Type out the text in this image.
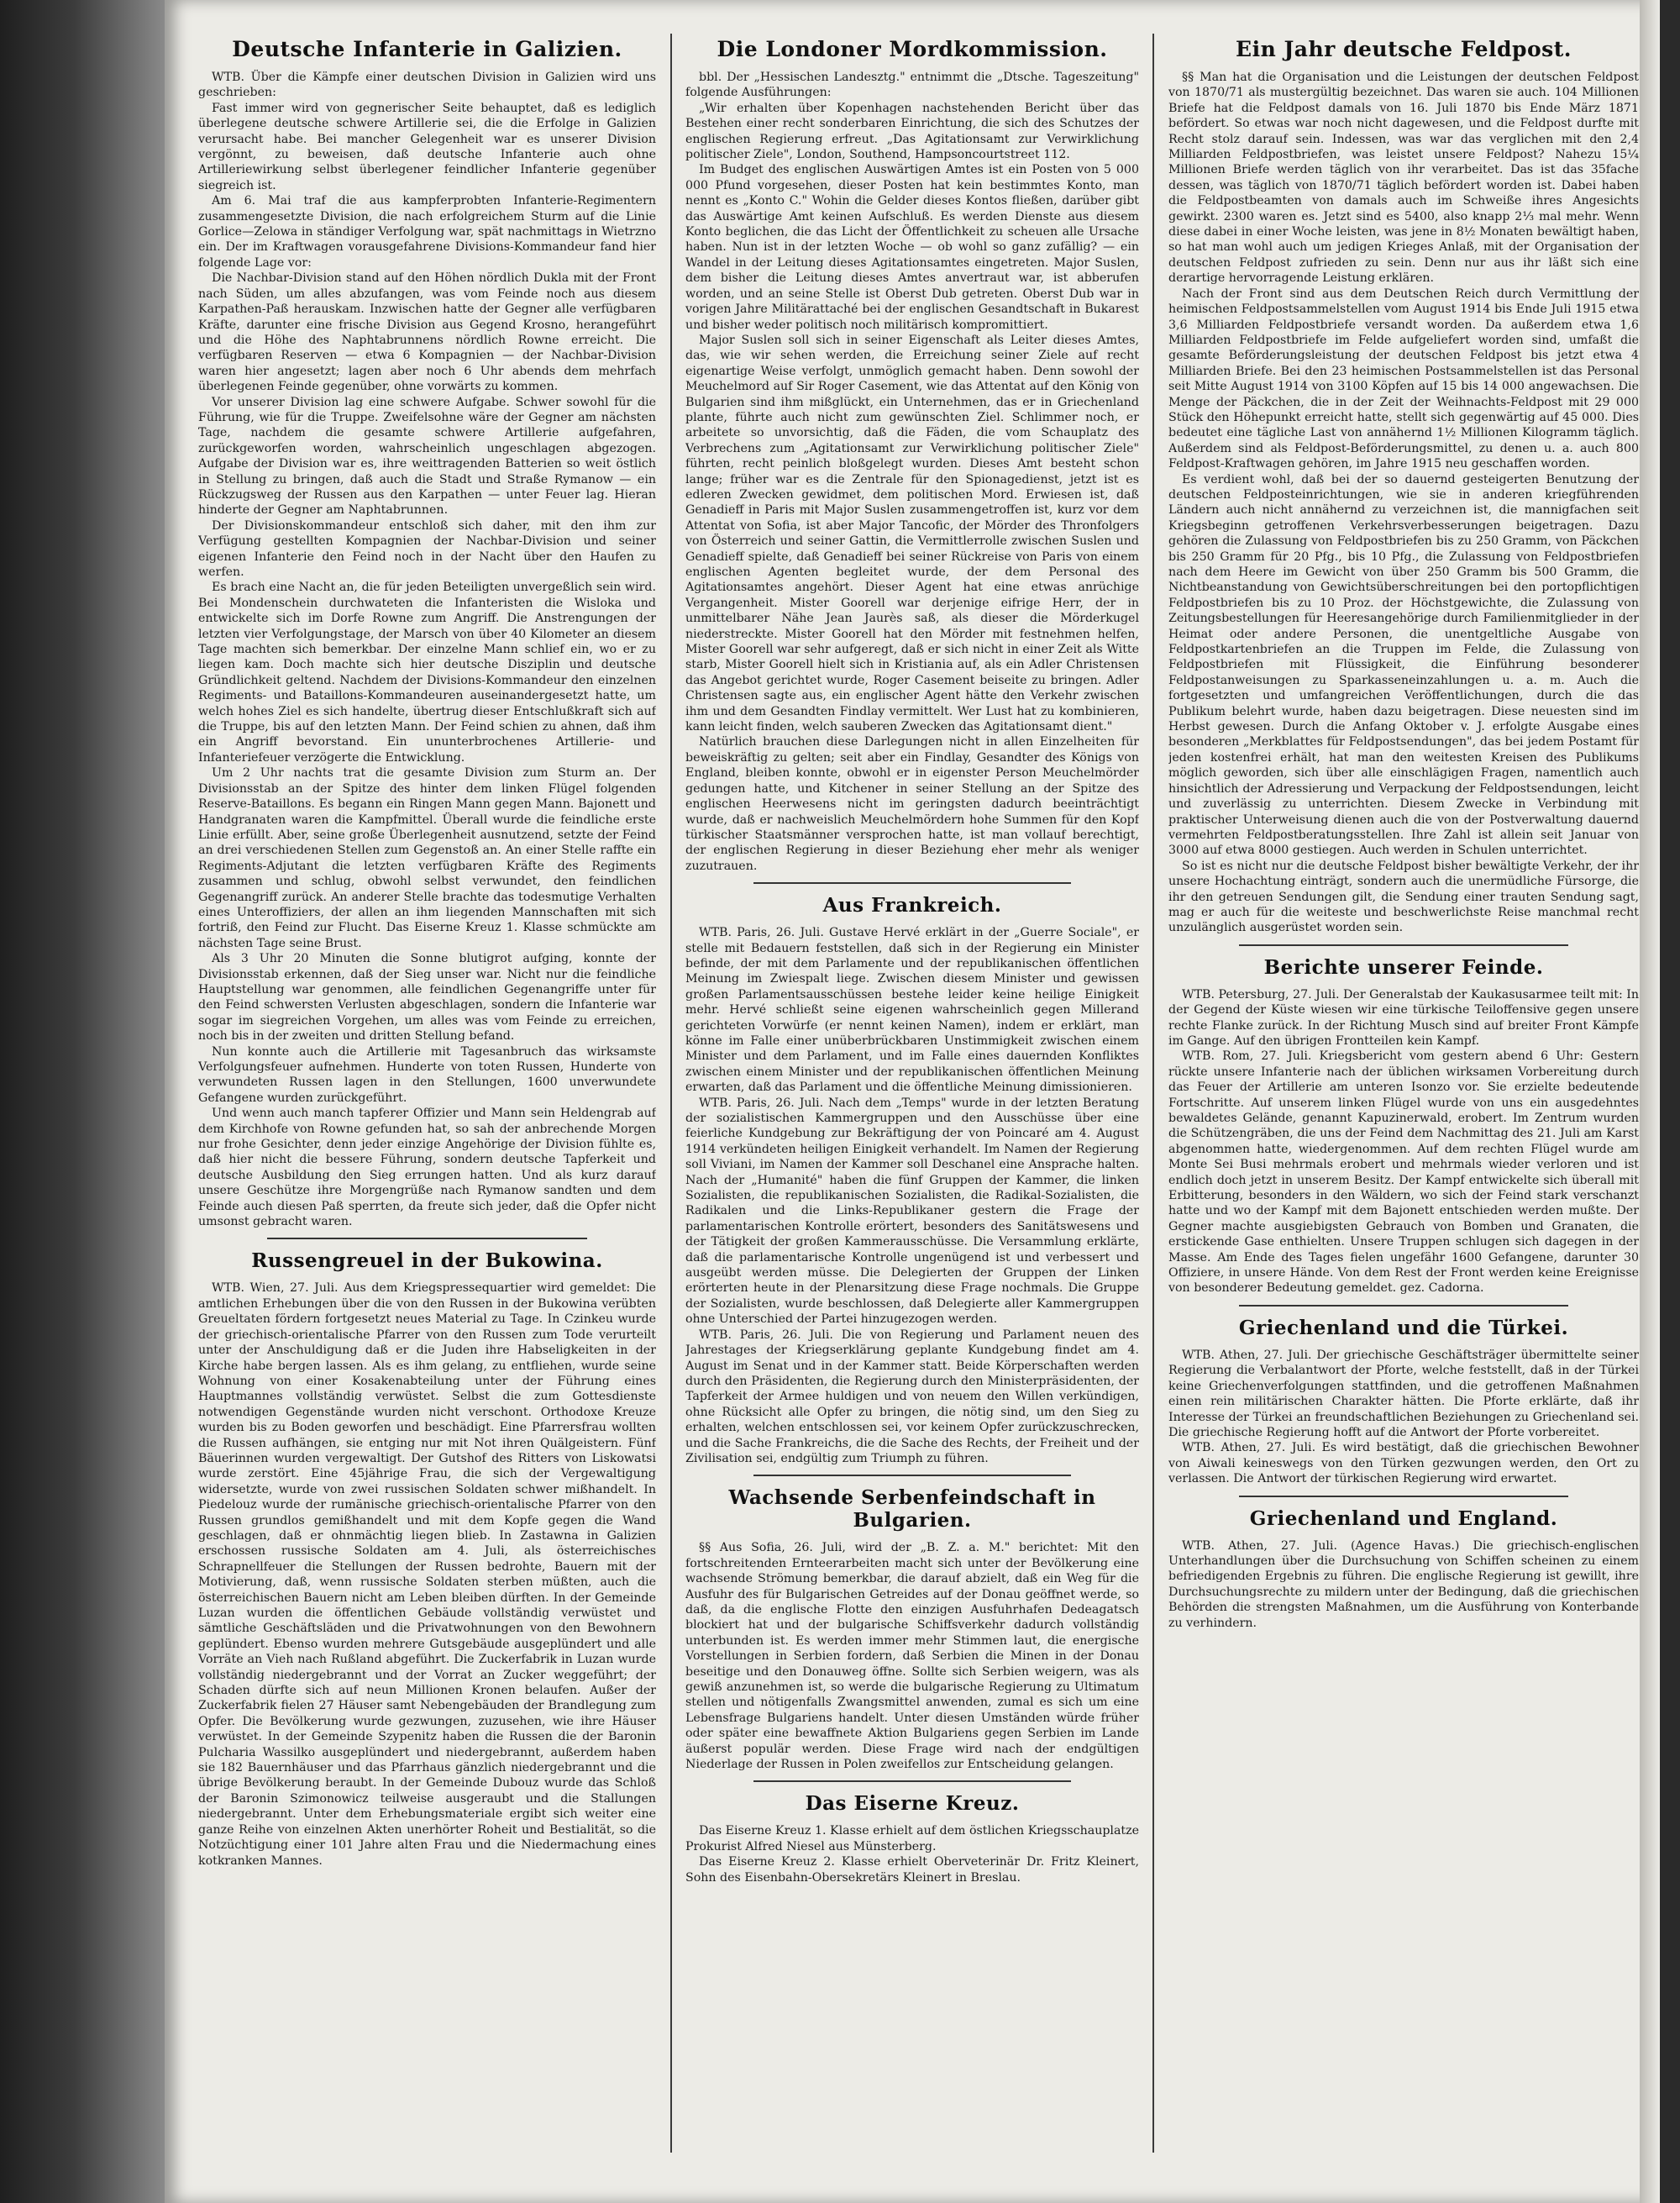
Deutsche Infanterie in Galizien.

WTB. Über die Kämpfe einer deutschen Division in Galizien wird uns geschrieben:

Fast immer wird von gegnerischer Seite behauptet, daß es lediglich überlegene deutsche schwere Artillerie sei, die die Erfolge in Galizien verursacht habe. Bei mancher Gelegenheit war es unserer Division vergönnt, zu beweisen, daß deutsche Infanterie auch ohne Artilleriewirkung selbst überlegener feindlicher Infanterie gegenüber siegreich ist.

Am 6. Mai traf die aus kampferprobten Infanterie-Regimentern zusammengesetzte Division, die nach erfolgreichem Sturm auf die Linie Gorlice—Zelowa in ständiger Verfolgung war, spät nachmittags in Wietrzno ein. Der im Kraftwagen vorausgefahrene Divisions-Kommandeur fand hier folgende Lage vor:

Die Nachbar-Division stand auf den Höhen nördlich Dukla mit der Front nach Süden, um alles abzufangen, was vom Feinde noch aus diesem Karpathen-Paß herauskam. Inzwischen hatte der Gegner alle verfügbaren Kräfte, darunter eine frische Division aus Gegend Krosno, herangeführt und die Höhe des Naphtabrunnens nördlich Rowne erreicht. Die verfügbaren Reserven — etwa 6 Kompagnien — der Nachbar-Division waren hier angesetzt; lagen aber noch 6 Uhr abends dem mehrfach überlegenen Feinde gegenüber, ohne vorwärts zu kommen.

Vor unserer Division lag eine schwere Aufgabe. Schwer sowohl für die Führung, wie für die Truppe. Zweifelsohne wäre der Gegner am nächsten Tage, nachdem die gesamte schwere Artillerie aufgefahren, zurückgeworfen worden, wahrscheinlich ungeschlagen abgezogen. Aufgabe der Division war es, ihre weittragenden Batterien so weit östlich in Stellung zu bringen, daß auch die Stadt und Straße Rymanow — ein Rückzugsweg der Russen aus den Karpathen — unter Feuer lag. Hieran hinderte der Gegner am Naphtabrunnen.

Der Divisionskommandeur entschloß sich daher, mit den ihm zur Verfügung gestellten Kompagnien der Nachbar-Division und seiner eigenen Infanterie den Feind noch in der Nacht über den Haufen zu werfen.

Es brach eine Nacht an, die für jeden Beteiligten unvergeßlich sein wird. Bei Mondenschein durchwateten die Infanteristen die Wisloka und entwickelte sich im Dorfe Rowne zum Angriff. Die Anstrengungen der letzten vier Verfolgungstage, der Marsch von über 40 Kilometer an diesem Tage machten sich bemerkbar. Der einzelne Mann schlief ein, wo er zu liegen kam. Doch machte sich hier deutsche Disziplin und deutsche Gründlichkeit geltend. Nachdem der Divisions-Kommandeur den einzelnen Regiments- und Bataillons-Kommandeuren auseinandergesetzt hatte, um welch hohes Ziel es sich handelte, übertrug dieser Entschlußkraft sich auf die Truppe, bis auf den letzten Mann. Der Feind schien zu ahnen, daß ihm ein Angriff bevorstand. Ein ununterbrochenes Artillerie- und Infanteriefeuer verzögerte die Entwicklung.

Um 2 Uhr nachts trat die gesamte Division zum Sturm an. Der Divisionsstab an der Spitze des hinter dem linken Flügel folgenden Reserve-Bataillons. Es begann ein Ringen Mann gegen Mann. Bajonett und Handgranaten waren die Kampfmittel. Überall wurde die feindliche erste Linie erfüllt. Aber, seine große Überlegenheit ausnutzend, setzte der Feind an drei verschiedenen Stellen zum Gegenstoß an. An einer Stelle raffte ein Regiments-Adjutant die letzten verfügbaren Kräfte des Regiments zusammen und schlug, obwohl selbst verwundet, den feindlichen Gegenangriff zurück. An anderer Stelle brachte das todesmutige Verhalten eines Unteroffiziers, der allen an ihm liegenden Mannschaften mit sich fortriß, den Feind zur Flucht. Das Eiserne Kreuz 1. Klasse schmückte am nächsten Tage seine Brust.

Als 3 Uhr 20 Minuten die Sonne blutigrot aufging, konnte der Divisionsstab erkennen, daß der Sieg unser war. Nicht nur die feindliche Hauptstellung war genommen, alle feindlichen Gegenangriffe unter für den Feind schwersten Verlusten abgeschlagen, sondern die Infanterie war sogar im siegreichen Vorgehen, um alles was vom Feinde zu erreichen, noch bis in der zweiten und dritten Stellung befand.

Nun konnte auch die Artillerie mit Tagesanbruch das wirksamste Verfolgungsfeuer aufnehmen. Hunderte von toten Russen, Hunderte von verwundeten Russen lagen in den Stellungen, 1600 unverwundete Gefangene wurden zurückgeführt.

Und wenn auch manch tapferer Offizier und Mann sein Heldengrab auf dem Kirchhofe von Rowne gefunden hat, so sah der anbrechende Morgen nur frohe Gesichter, denn jeder einzige Angehörige der Division fühlte es, daß hier nicht die bessere Führung, sondern deutsche Tapferkeit und deutsche Ausbildung den Sieg errungen hatten. Und als kurz darauf unsere Geschütze ihre Morgengrüße nach Rymanow sandten und dem Feinde auch diesen Paß sperrten, da freute sich jeder, daß die Opfer nicht umsonst gebracht waren.

Russengreuel in der Bukowina.

WTB. Wien, 27. Juli. Aus dem Kriegspressequartier wird gemeldet: Die amtlichen Erhebungen über die von den Russen in der Bukowina verübten Greueltaten fördern fortgesetzt neues Material zu Tage. In Czinkeu wurde der griechisch-orientalische Pfarrer von den Russen zum Tode verurteilt unter der Anschuldigung daß er die Juden ihre Habseligkeiten in der Kirche habe bergen lassen. Als es ihm gelang, zu entfliehen, wurde seine Wohnung von einer Kosakenabteilung unter der Führung eines Hauptmannes vollständig verwüstet. Selbst die zum Gottesdienste notwendigen Gegenstände wurden nicht verschont. Orthodoxe Kreuze wurden bis zu Boden geworfen und beschädigt. Eine Pfarrersfrau wollten die Russen aufhängen, sie entging nur mit Not ihren Quälgeistern. Fünf Bäuerinnen wurden vergewaltigt. Der Gutshof des Ritters von Liskowatsi wurde zerstört. Eine 45jährige Frau, die sich der Vergewaltigung widersetzte, wurde von zwei russischen Soldaten schwer mißhandelt. In Piedelouz wurde der rumänische griechisch-orientalische Pfarrer von den Russen grundlos gemißhandelt und mit dem Kopfe gegen die Wand geschlagen, daß er ohnmächtig liegen blieb. In Zastawna in Galizien erschossen russische Soldaten am 4. Juli, als österreichisches Schrapnellfeuer die Stellungen der Russen bedrohte, Bauern mit der Motivierung, daß, wenn russische Soldaten sterben müßten, auch die österreichischen Bauern nicht am Leben bleiben dürften. In der Gemeinde Luzan wurden die öffentlichen Gebäude vollständig verwüstet und sämtliche Geschäftsläden und die Privatwohnungen von den Bewohnern geplündert. Ebenso wurden mehrere Gutsgebäude ausgeplündert und alle Vorräte an Vieh nach Rußland abgeführt. Die Zuckerfabrik in Luzan wurde vollständig niedergebrannt und der Vorrat an Zucker weggeführt; der Schaden dürfte sich auf neun Millionen Kronen belaufen. Außer der Zuckerfabrik fielen 27 Häuser samt Nebengebäuden der Brandlegung zum Opfer. Die Bevölkerung wurde gezwungen, zuzusehen, wie ihre Häuser verwüstet. In der Gemeinde Szypenitz haben die Russen die der Baronin Pulcharia Wassilko ausgeplündert und niedergebrannt, außerdem haben sie 182 Bauernhäuser und das Pfarrhaus gänzlich niedergebrannt und die übrige Bevölkerung beraubt. In der Gemeinde Dubouz wurde das Schloß der Baronin Szimonowicz teilweise ausgeraubt und die Stallungen niedergebrannt. Unter dem Erhebungsmateriale ergibt sich weiter eine ganze Reihe von einzelnen Akten unerhörter Roheit und Bestialität, so die Notzüchtigung einer 101 Jahre alten Frau und die Niedermachung eines kotkranken Mannes.

Die Londoner Mordkommission.

bbl. Der „Hessischen Landesztg." entnimmt die „Dtsche. Tageszeitung" folgende Ausführungen:

„Wir erhalten über Kopenhagen nachstehenden Bericht über das Bestehen einer recht sonderbaren Einrichtung, die sich des Schutzes der englischen Regierung erfreut. „Das Agitationsamt zur Verwirklichung politischer Ziele", London, Southend, Hampsoncourtstreet 112.

Im Budget des englischen Auswärtigen Amtes ist ein Posten von 5 000 000 Pfund vorgesehen, dieser Posten hat kein bestimmtes Konto, man nennt es „Konto C." Wohin die Gelder dieses Kontos fließen, darüber gibt das Auswärtige Amt keinen Aufschluß. Es werden Dienste aus diesem Konto beglichen, die das Licht der Öffentlichkeit zu scheuen alle Ursache haben. Nun ist in der letzten Woche — ob wohl so ganz zufällig? — ein Wandel in der Leitung dieses Agitationsamtes eingetreten. Major Suslen, dem bisher die Leitung dieses Amtes anvertraut war, ist abberufen worden, und an seine Stelle ist Oberst Dub getreten. Oberst Dub war in vorigen Jahre Militärattaché bei der englischen Gesandtschaft in Bukarest und bisher weder politisch noch militärisch kompromittiert.

Major Suslen soll sich in seiner Eigenschaft als Leiter dieses Amtes, das, wie wir sehen werden, die Erreichung seiner Ziele auf recht eigenartige Weise verfolgt, unmöglich gemacht haben. Denn sowohl der Meuchelmord auf Sir Roger Casement, wie das Attentat auf den König von Bulgarien sind ihm mißglückt, ein Unternehmen, das er in Griechenland plante, führte auch nicht zum gewünschten Ziel. Schlimmer noch, er arbeitete so unvorsichtig, daß die Fäden, die vom Schauplatz des Verbrechens zum „Agitationsamt zur Verwirklichung politischer Ziele" führten, recht peinlich bloßgelegt wurden. Dieses Amt besteht schon lange; früher war es die Zentrale für den Spionagedienst, jetzt ist es edleren Zwecken gewidmet, dem politischen Mord. Erwiesen ist, daß Genadieff in Paris mit Major Suslen zusammengetroffen ist, kurz vor dem Attentat von Sofia, ist aber Major Tancofic, der Mörder des Thronfolgers von Österreich und seiner Gattin, die Vermittlerrolle zwischen Suslen und Genadieff spielte, daß Genadieff bei seiner Rückreise von Paris von einem englischen Agenten begleitet wurde, der dem Personal des Agitationsamtes angehört. Dieser Agent hat eine etwas anrüchige Vergangenheit. Mister Goorell war derjenige eifrige Herr, der in unmittelbarer Nähe Jean Jaurès saß, als dieser die Mörderkugel niederstreckte. Mister Goorell hat den Mörder mit festnehmen helfen, Mister Goorell war sehr aufgeregt, daß er sich nicht in einer Zeit als Witte starb, Mister Goorell hielt sich in Kristiania auf, als ein Adler Christensen das Angebot gerichtet wurde, Roger Casement beiseite zu bringen. Adler Christensen sagte aus, ein englischer Agent hätte den Verkehr zwischen ihm und dem Gesandten Findlay vermittelt. Wer Lust hat zu kombinieren, kann leicht finden, welch sauberen Zwecken das Agitationsamt dient."

Natürlich brauchen diese Darlegungen nicht in allen Einzelheiten für beweiskräftig zu gelten; seit aber ein Findlay, Gesandter des Königs von England, bleiben konnte, obwohl er in eigenster Person Meuchelmörder gedungen hatte, und Kitchener in seiner Stellung an der Spitze des englischen Heerwesens nicht im geringsten dadurch beeinträchtigt wurde, daß er nachweislich Meuchelmördern hohe Summen für den Kopf türkischer Staatsmänner versprochen hatte, ist man vollauf berechtigt, der englischen Regierung in dieser Beziehung eher mehr als weniger zuzutrauen.

Aus Frankreich.

WTB. Paris, 26. Juli. Gustave Hervé erklärt in der „Guerre Sociale", er stelle mit Bedauern feststellen, daß sich in der Regierung ein Minister befinde, der mit dem Parlamente und der republikanischen öffentlichen Meinung im Zwiespalt liege. Zwischen diesem Minister und gewissen großen Parlamentsausschüssen bestehe leider keine heilige Einigkeit mehr. Hervé schließt seine eigenen wahrscheinlich gegen Millerand gerichteten Vorwürfe (er nennt keinen Namen), indem er erklärt, man könne im Falle einer unüberbrückbaren Unstimmigkeit zwischen einem Minister und dem Parlament, und im Falle eines dauernden Konfliktes zwischen einem Minister und der republikanischen öffentlichen Meinung erwarten, daß das Parlament und die öffentliche Meinung dimissionieren.

WTB. Paris, 26. Juli. Nach dem „Temps" wurde in der letzten Beratung der sozialistischen Kammergruppen und den Ausschüsse über eine feierliche Kundgebung zur Bekräftigung der von Poincaré am 4. August 1914 verkündeten heiligen Einigkeit verhandelt. Im Namen der Regierung soll Viviani, im Namen der Kammer soll Deschanel eine Ansprache halten. Nach der „Humanité" haben die fünf Gruppen der Kammer, die linken Sozialisten, die republikanischen Sozialisten, die Radikal-Sozialisten, die Radikalen und die Links-Republikaner gestern die Frage der parlamentarischen Kontrolle erörtert, besonders des Sanitätswesens und der Tätigkeit der großen Kammerausschüsse. Die Versammlung erklärte, daß die parlamentarische Kontrolle ungenügend ist und verbessert und ausgeübt werden müsse. Die Delegierten der Gruppen der Linken erörterten heute in der Plenarsitzung diese Frage nochmals. Die Gruppe der Sozialisten, wurde beschlossen, daß Delegierte aller Kammergruppen ohne Unterschied der Partei hinzugezogen werden.

WTB. Paris, 26. Juli. Die von Regierung und Parlament neuen des Jahrestages der Kriegserklärung geplante Kundgebung findet am 4. August im Senat und in der Kammer statt. Beide Körperschaften werden durch den Präsidenten, die Regierung durch den Ministerpräsidenten, der Tapferkeit der Armee huldigen und von neuem den Willen verkündigen, ohne Rücksicht alle Opfer zu bringen, die nötig sind, um den Sieg zu erhalten, welchen entschlossen sei, vor keinem Opfer zurückzuschrecken, und die Sache Frankreichs, die die Sache des Rechts, der Freiheit und der Zivilisation sei, endgültig zum Triumph zu führen.

Wachsende Serbenfeindschaft in Bulgarien.

§§ Aus Sofia, 26. Juli, wird der „B. Z. a. M." berichtet: Mit den fortschreitenden Ernteerarbeiten macht sich unter der Bevölkerung eine wachsende Strömung bemerkbar, die darauf abzielt, daß ein Weg für die Ausfuhr des für Bulgarischen Getreides auf der Donau geöffnet werde, so daß, da die englische Flotte den einzigen Ausfuhrhafen Dedeagatsch blockiert hat und der bulgarische Schiffsverkehr dadurch vollständig unterbunden ist. Es werden immer mehr Stimmen laut, die energische Vorstellungen in Serbien fordern, daß Serbien die Minen in der Donau beseitige und den Donauweg öffne. Sollte sich Serbien weigern, was als gewiß anzunehmen ist, so werde die bulgarische Regierung zu Ultimatum stellen und nötigenfalls Zwangsmittel anwenden, zumal es sich um eine Lebensfrage Bulgariens handelt. Unter diesen Umständen würde früher oder später eine bewaffnete Aktion Bulgariens gegen Serbien im Lande äußerst populär werden. Diese Frage wird nach der endgültigen Niederlage der Russen in Polen zweifellos zur Entscheidung gelangen.

Das Eiserne Kreuz.

Das Eiserne Kreuz 1. Klasse erhielt auf dem östlichen Kriegsschauplatze Prokurist Alfred Niesel aus Münsterberg.

Das Eiserne Kreuz 2. Klasse erhielt Oberveterinär Dr. Fritz Kleinert, Sohn des Eisenbahn-Obersekretärs Kleinert in Breslau.

Ein Jahr deutsche Feldpost.

§§ Man hat die Organisation und die Leistungen der deutschen Feldpost von 1870/71 als mustergültig bezeichnet. Das waren sie auch. 104 Millionen Briefe hat die Feldpost damals von 16. Juli 1870 bis Ende März 1871 befördert. So etwas war noch nicht dagewesen, und die Feldpost durfte mit Recht stolz darauf sein. Indessen, was war das verglichen mit den 2,4 Milliarden Feldpostbriefen, was leistet unsere Feldpost? Nahezu 15¼ Millionen Briefe werden täglich von ihr verarbeitet. Das ist das 35fache dessen, was täglich von 1870/71 täglich befördert worden ist. Dabei haben die Feldpostbeamten von damals auch im Schweiße ihres Angesichts gewirkt. 2300 waren es. Jetzt sind es 5400, also knapp 2⅓ mal mehr. Wenn diese dabei in einer Woche leisten, was jene in 8½ Monaten bewältigt haben, so hat man wohl auch um jedigen Krieges Anlaß, mit der Organisation der deutschen Feldpost zufrieden zu sein. Denn nur aus ihr läßt sich eine derartige hervorragende Leistung erklären.

Nach der Front sind aus dem Deutschen Reich durch Vermittlung der heimischen Feldpostsammelstellen vom August 1914 bis Ende Juli 1915 etwa 3,6 Milliarden Feldpostbriefe versandt worden. Da außerdem etwa 1,6 Milliarden Feldpostbriefe im Felde aufgeliefert worden sind, umfaßt die gesamte Beförderungsleistung der deutschen Feldpost bis jetzt etwa 4 Milliarden Briefe. Bei den 23 heimischen Postsammelstellen ist das Personal seit Mitte August 1914 von 3100 Köpfen auf 15 bis 14 000 angewachsen. Die Menge der Päckchen, die in der Zeit der Weihnachts-Feldpost mit 29 000 Stück den Höhepunkt erreicht hatte, stellt sich gegenwärtig auf 45 000. Dies bedeutet eine tägliche Last von annähernd 1½ Millionen Kilogramm täglich. Außerdem sind als Feldpost-Beförderungsmittel, zu denen u. a. auch 800 Feldpost-Kraftwagen gehören, im Jahre 1915 neu geschaffen worden.

Es verdient wohl, daß bei der so dauernd gesteigerten Benutzung der deutschen Feldposteinrichtungen, wie sie in anderen kriegführenden Ländern auch nicht annähernd zu verzeichnen ist, die mannigfachen seit Kriegsbeginn getroffenen Verkehrsverbesserungen beigetragen. Dazu gehören die Zulassung von Feldpostbriefen bis zu 250 Gramm, von Päckchen bis 250 Gramm für 20 Pfg., bis 10 Pfg., die Zulassung von Feldpostbriefen nach dem Heere im Gewicht von über 250 Gramm bis 500 Gramm, die Nichtbeanstandung von Gewichtsüberschreitungen bei den portopflichtigen Feldpostbriefen bis zu 10 Proz. der Höchstgewichte, die Zulassung von Zeitungsbestellungen für Heeresangehörige durch Familienmitglieder in der Heimat oder andere Personen, die unentgeltliche Ausgabe von Feldpostkartenbriefen an die Truppen im Felde, die Zulassung von Feldpostbriefen mit Flüssigkeit, die Einführung besonderer Feldpostanweisungen zu Sparkasseneinzahlungen u. a. m. Auch die fortgesetzten und umfangreichen Veröffentlichungen, durch die das Publikum belehrt wurde, haben dazu beigetragen. Diese neuesten sind im Herbst gewesen. Durch die Anfang Oktober v. J. erfolgte Ausgabe eines besonderen „Merkblattes für Feldpostsendungen", das bei jedem Postamt für jeden kostenfrei erhält, hat man den weitesten Kreisen des Publikums möglich geworden, sich über alle einschlägigen Fragen, namentlich auch hinsichtlich der Adressierung und Verpackung der Feldpostsendungen, leicht und zuverlässig zu unterrichten. Diesem Zwecke in Verbindung mit praktischer Unterweisung dienen auch die von der Postverwaltung dauernd vermehrten Feldpostberatungsstellen. Ihre Zahl ist allein seit Januar von 3000 auf etwa 8000 gestiegen. Auch werden in Schulen unterrichtet.

So ist es nicht nur die deutsche Feldpost bisher bewältigte Verkehr, der ihr unsere Hochachtung einträgt, sondern auch die unermüdliche Fürsorge, die ihr den getreuen Sendungen gilt, die Sendung einer trauten Sendung sagt, mag er auch für die weiteste und beschwerlichste Reise manchmal recht unzulänglich ausgerüstet worden sein.

Berichte unserer Feinde.

WTB. Petersburg, 27. Juli. Der Generalstab der Kaukasusarmee teilt mit: In der Gegend der Küste wiesen wir eine türkische Teiloffensive gegen unsere rechte Flanke zurück. In der Richtung Musch sind auf breiter Front Kämpfe im Gange. Auf den übrigen Frontteilen kein Kampf.

WTB. Rom, 27. Juli. Kriegsbericht vom gestern abend 6 Uhr: Gestern rückte unsere Infanterie nach der üblichen wirksamen Vorbereitung durch das Feuer der Artillerie am unteren Isonzo vor. Sie erzielte bedeutende Fortschritte. Auf unserem linken Flügel wurde von uns ein ausgedehntes bewaldetes Gelände, genannt Kapuzinerwald, erobert. Im Zentrum wurden die Schützengräben, die uns der Feind dem Nachmittag des 21. Juli am Karst abgenommen hatte, wiedergenommen. Auf dem rechten Flügel wurde am Monte Sei Busi mehrmals erobert und mehrmals wieder verloren und ist endlich doch jetzt in unserem Besitz. Der Kampf entwickelte sich überall mit Erbitterung, besonders in den Wäldern, wo sich der Feind stark verschanzt hatte und wo der Kampf mit dem Bajonett entschieden werden mußte. Der Gegner machte ausgiebigsten Gebrauch von Bomben und Granaten, die erstickende Gase enthielten. Unsere Truppen schlugen sich dagegen in der Masse. Am Ende des Tages fielen ungefähr 1600 Gefangene, darunter 30 Offiziere, in unsere Hände. Von dem Rest der Front werden keine Ereignisse von besonderer Bedeutung gemeldet. gez. Cadorna.

Griechenland und die Türkei.

WTB. Athen, 27. Juli. Der griechische Geschäftsträger übermittelte seiner Regierung die Verbalantwort der Pforte, welche feststellt, daß in der Türkei keine Griechenverfolgungen stattfinden, und die getroffenen Maßnahmen einen rein militärischen Charakter hätten. Die Pforte erklärte, daß ihr Interesse der Türkei an freundschaftlichen Beziehungen zu Griechenland sei. Die griechische Regierung hofft auf die Antwort der Pforte vorbereitet.

WTB. Athen, 27. Juli. Es wird bestätigt, daß die griechischen Bewohner von Aiwali keineswegs von den Türken gezwungen werden, den Ort zu verlassen. Die Antwort der türkischen Regierung wird erwartet.

Griechenland und England.

WTB. Athen, 27. Juli. (Agence Havas.) Die griechisch-englischen Unterhandlungen über die Durchsuchung von Schiffen scheinen zu einem befriedigenden Ergebnis zu führen. Die englische Regierung ist gewillt, ihre Durchsuchungsrechte zu mildern unter der Bedingung, daß die griechischen Behörden die strengsten Maßnahmen, um die Ausführung von Konterbande zu verhindern.
